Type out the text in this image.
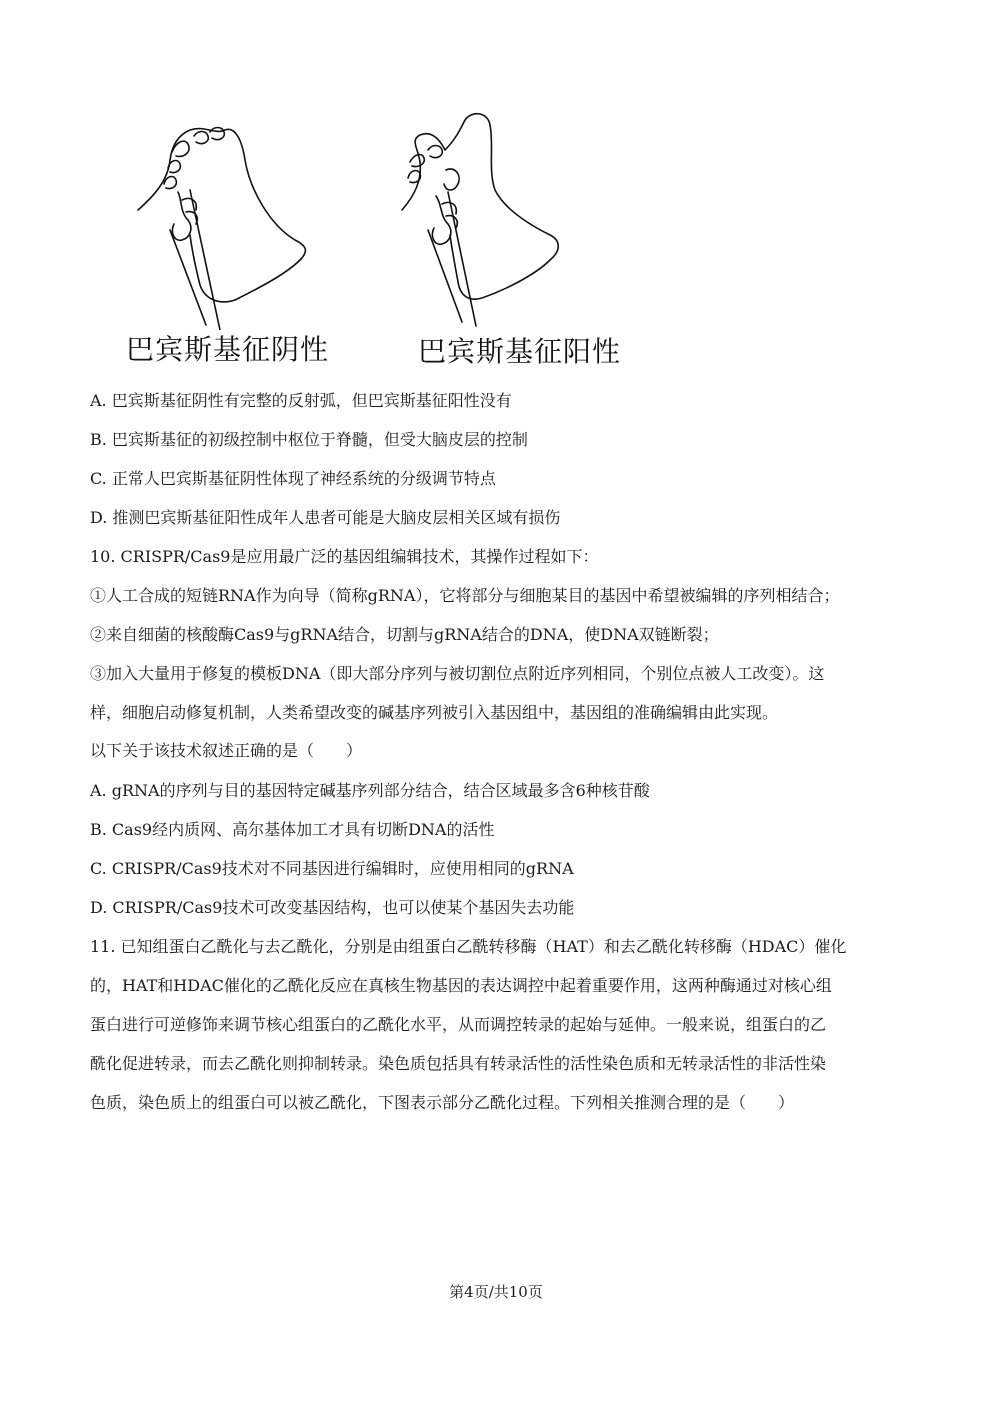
巴宾斯基征阴性	巴宾斯基征阳性
A. 巴宾斯基征阴性有完整的反射弧，但巴宾斯基征阳性没有
B. 巴宾斯基征的初级控制中枢位于脊髓，但受大脑皮层的控制
C. 正常人巴宾斯基征阴性体现了神经系统的分级调节特点
D. 推测巴宾斯基征阳性成年人患者可能是大脑皮层相关区域有损伤
10. CRISPR/Cas9是应用最广泛的基因组编辑技术，其操作过程如下：
①人工合成的短链RNA作为向导（简称gRNA），它将部分与细胞某目的基因中希望被编辑的序列相结合；
②来自细菌的核酸酶Cas9与gRNA结合，切割与gRNA结合的DNA，使DNA双链断裂；
③加入大量用于修复的模板DNA（即大部分序列与被切割位点附近序列相同，个别位点被人工改变）。这
样，细胞启动修复机制，人类希望改变的碱基序列被引入基因组中，基因组的准确编辑由此实现。
以下关于该技术叙述正确的是（　　）
A. gRNA的序列与目的基因特定碱基序列部分结合，结合区域最多含6种核苷酸
B. Cas9经内质网、高尔基体加工才具有切断DNA的活性
C. CRISPR/Cas9技术对不同基因进行编辑时，应使用相同的gRNA
D. CRISPR/Cas9技术可改变基因结构，也可以使某个基因失去功能
11. 已知组蛋白乙酰化与去乙酰化，分别是由组蛋白乙酰转移酶（HAT）和去乙酰化转移酶（HDAC）催化
的，HAT和HDAC催化的乙酰化反应在真核生物基因的表达调控中起着重要作用，这两种酶通过对核心组
蛋白进行可逆修饰来调节核心组蛋白的乙酰化水平，从而调控转录的起始与延伸。一般来说，组蛋白的乙
酰化促进转录，而去乙酰化则抑制转录。染色质包括具有转录活性的活性染色质和无转录活性的非活性染
色质，染色质上的组蛋白可以被乙酰化，下图表示部分乙酰化过程。下列相关推测合理的是（　　）
第4页/共10页
